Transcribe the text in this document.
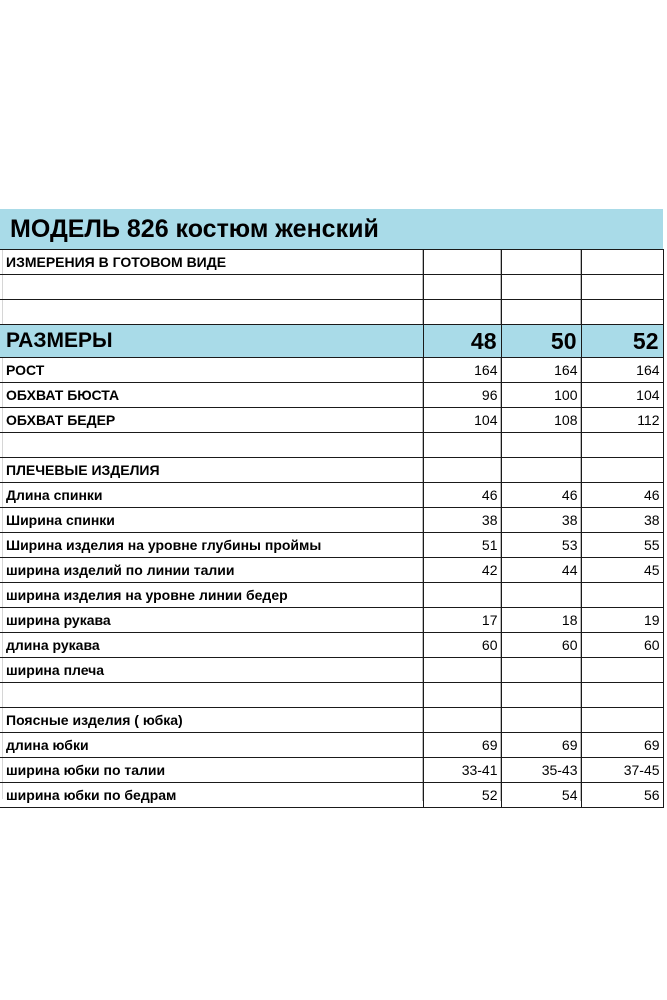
МОДЕЛЬ 826 костюм женский			
ИЗМЕРЕНИЯ В ГОТОВОМ ВИДЕ			

РАЗМЕРЫ	48	50	52
РОСТ	164	164	164
ОБХВАТ БЮСТА	96	100	104
ОБХВАТ БЕДЕР	104	108	112

ПЛЕЧЕВЫЕ ИЗДЕЛИЯ			
Длина спинки	46	46	46
Ширина спинки	38	38	38
Ширина изделия на уровне глубины проймы	51	53	55
ширина изделий по линии талии	42	44	45
ширина изделия на уровне линии бедер			
ширина рукава	17	18	19
длина рукава	60	60	60
ширина плеча			

Поясные изделия ( юбка)			
длина юбки	69	69	69
ширина юбки по талии	33-41	35-43	37-45
ширина юбки по бедрам	52	54	56
